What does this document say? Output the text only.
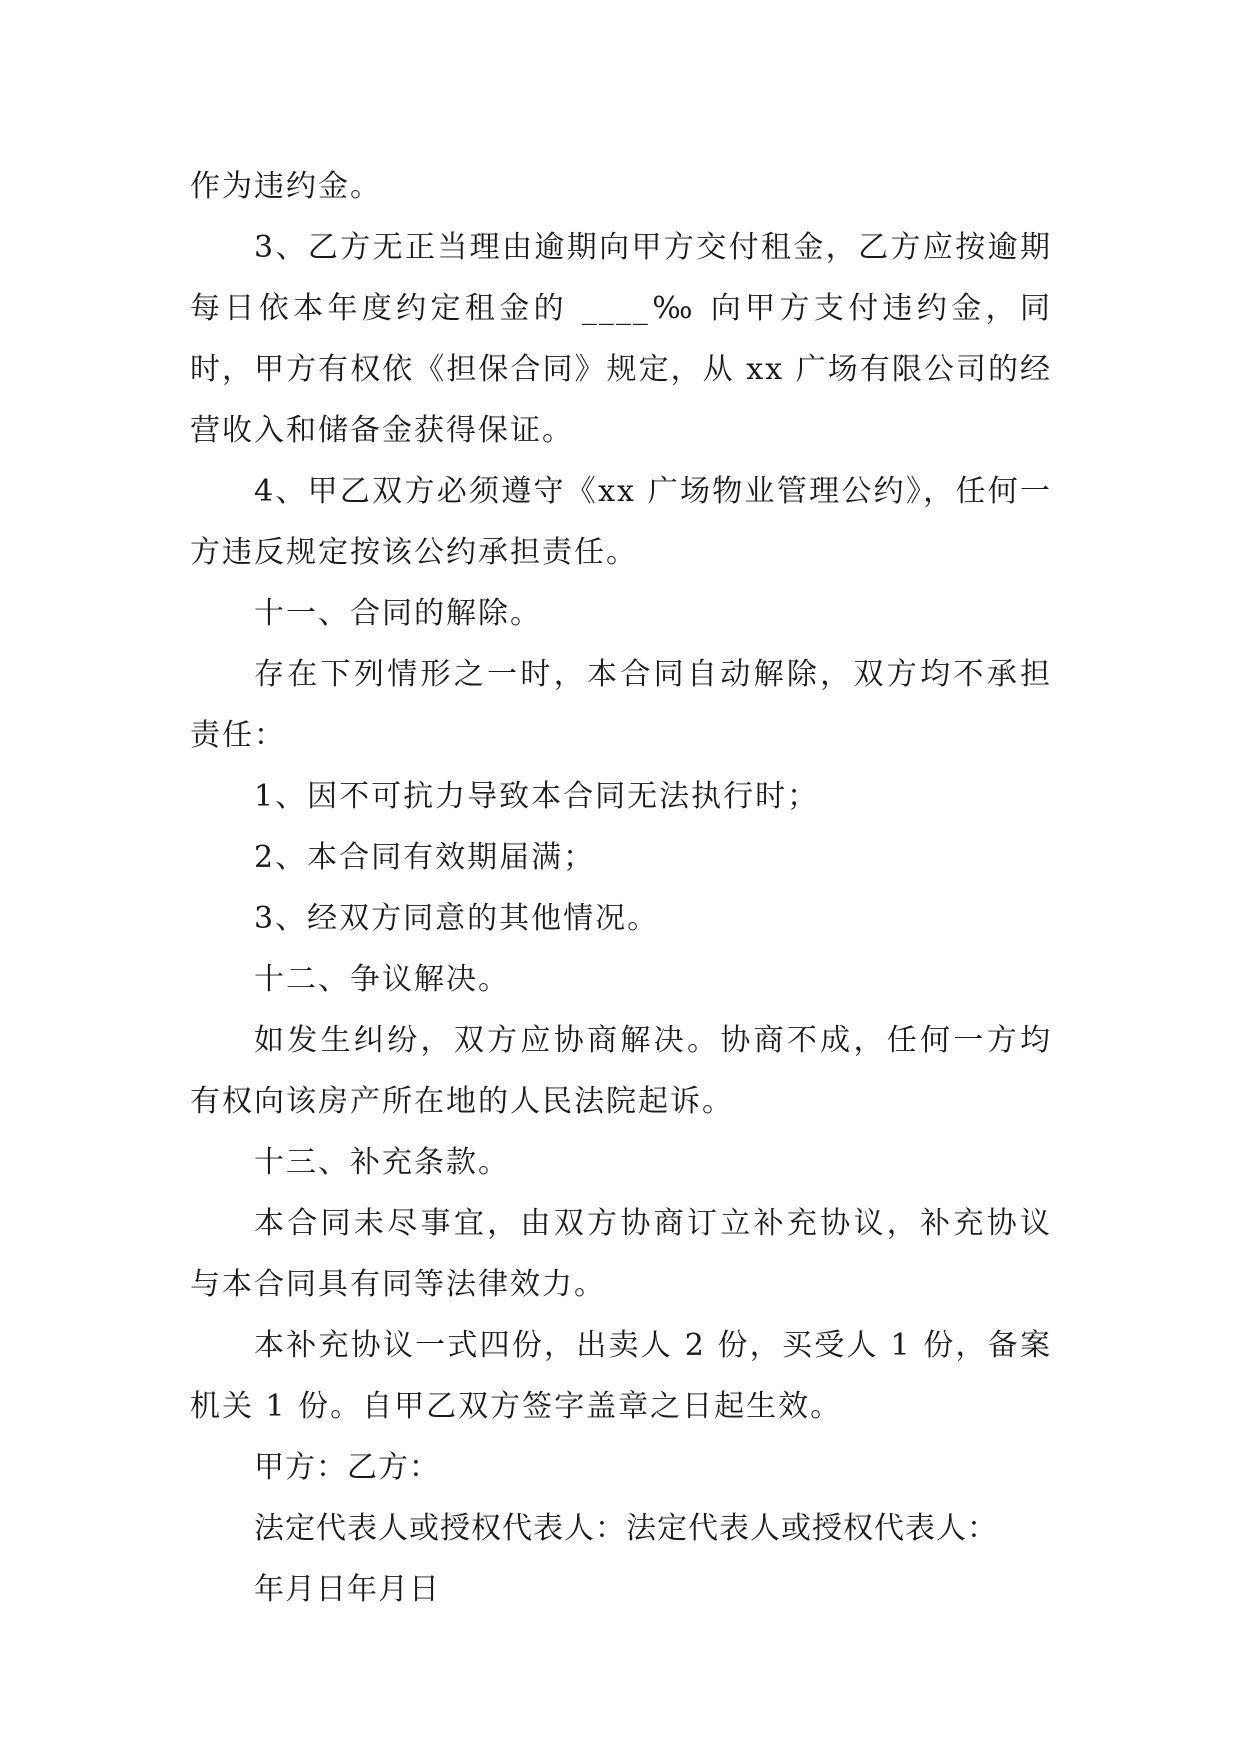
作为违约金。

3、乙方无正当理由逾期向甲方交付租金，乙方应按逾期每日依本年度约定租金的 ____‰ 向甲方支付违约金，同时，甲方有权依《担保合同》规定，从 xx 广场有限公司的经营收入和储备金获得保证。

4、甲乙双方必须遵守《xx 广场物业管理公约》，任何一方违反规定按该公约承担责任。

十一、合同的解除。

存在下列情形之一时，本合同自动解除，双方均不承担责任：

1、因不可抗力导致本合同无法执行时；

2、本合同有效期届满；

3、经双方同意的其他情况。

十二、争议解决。

如发生纠纷，双方应协商解决。协商不成，任何一方均有权向该房产所在地的人民法院起诉。

十三、补充条款。

本合同未尽事宜，由双方协商订立补充协议，补充协议与本合同具有同等法律效力。

本补充协议一式四份，出卖人 2 份，买受人 1 份，备案机关 1 份。自甲乙双方签字盖章之日起生效。

甲方：乙方：

法定代表人或授权代表人：法定代表人或授权代表人：

年月日年月日
